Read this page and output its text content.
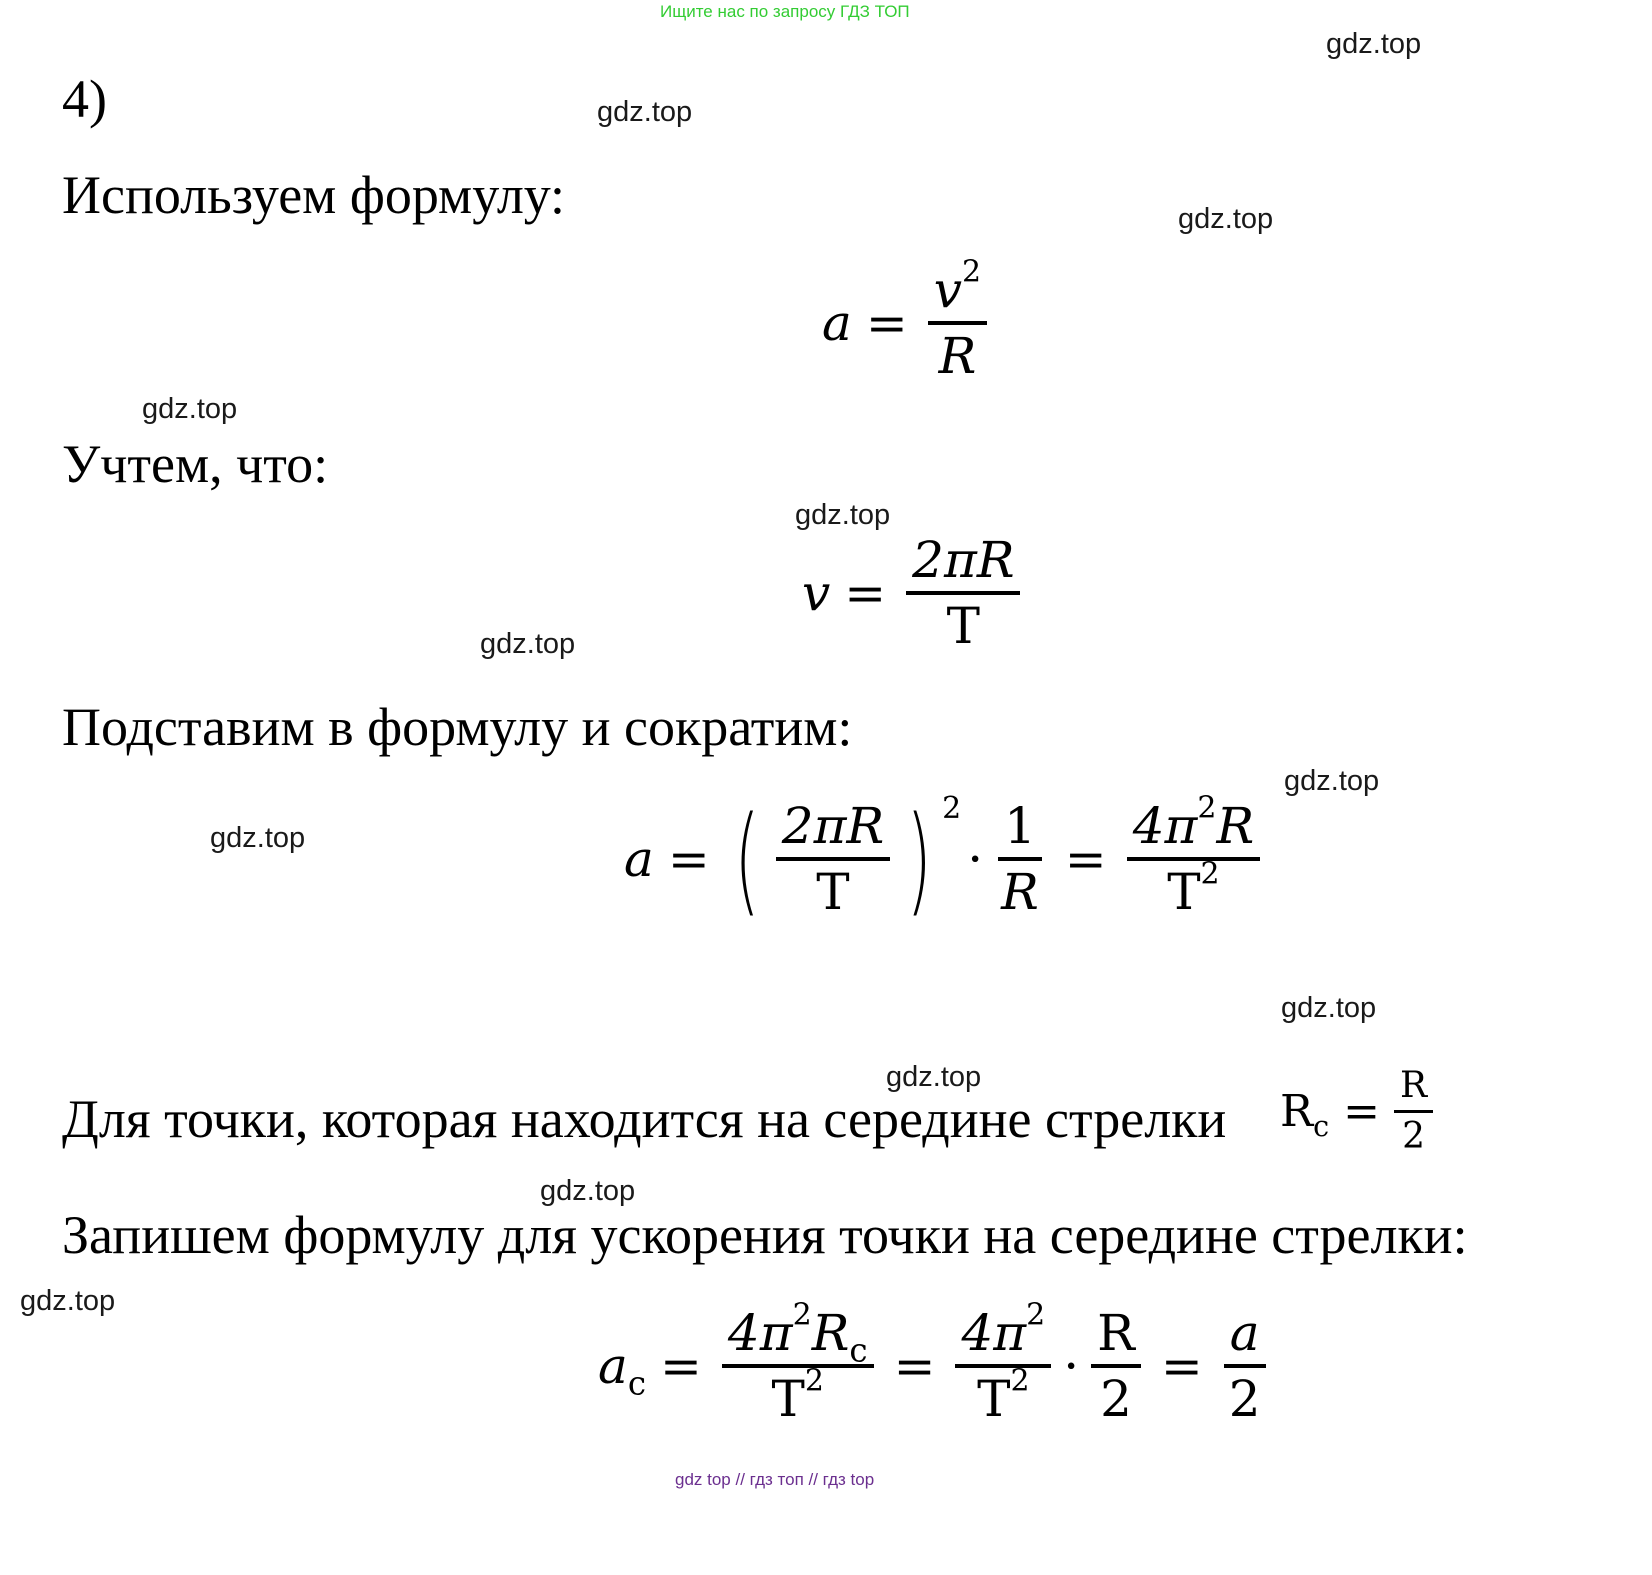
Ищите нас по запросу ГДЗ ТОП
gdz top // гдз топ // гдз top
gdz.top
gdz.top
gdz.top
gdz.top
gdz.top
gdz.top
gdz.top
gdz.top
gdz.top
gdz.top
gdz.top
gdz.top
4)
Используем формулу:
Учтем, что:
Подставим в формулу и сократим:
Для точки, которая находится на середине стрелки
Запишем формулу для ускорения точки на середине стрелки:
$a = \frac{v^2}{R}$
$v = \frac{2\pi R}{T}$
a = ( $\frac{2\pi R}{T}$ ) 2
· $\frac{1}{R} = \frac{4\pi^2R}{T^2}$
$R_c = \frac{R}{2}$
$a_c = \frac{4\pi^2R_c}{T^2} = \frac{4\pi^2}{T^2} \cdot \frac{R}{2} = \frac{a}{2}$
